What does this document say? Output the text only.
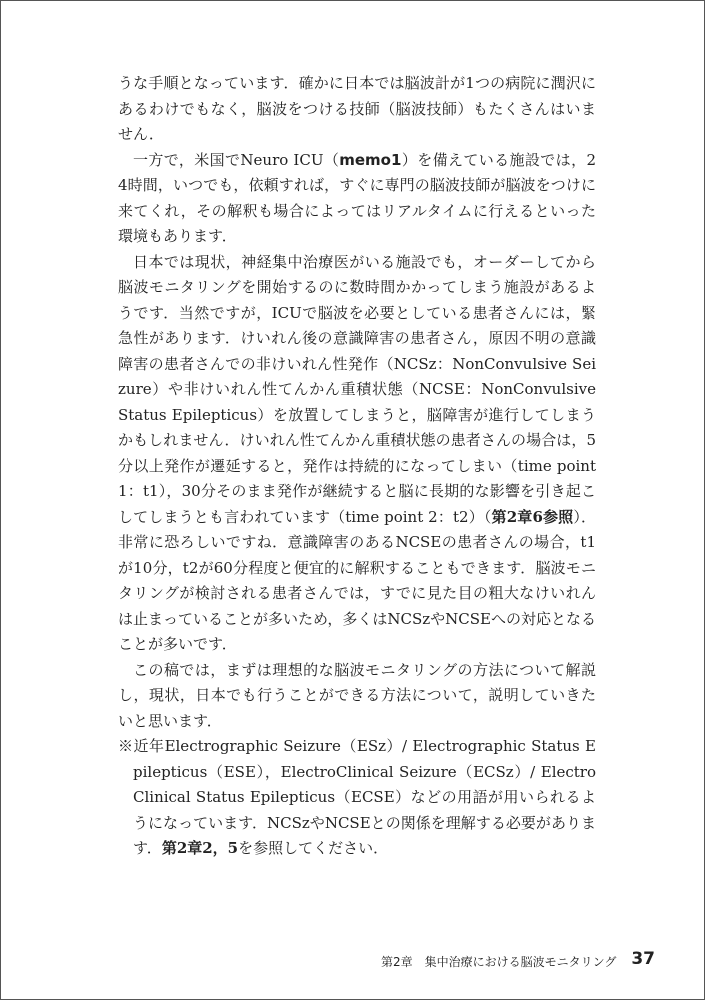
うな手順となっています．確かに日本では脳波計が1つの病院に潤沢にあるわけでもなく，脳波をつける技師（脳波技師）もたくさんはいません．

一方で，米国でNeuro ICU（memo1）を備えている施設では，24時間，いつでも，依頼すれば，すぐに専門の脳波技師が脳波をつけに来てくれ，その解釈も場合によってはリアルタイムに行えるといった環境もあります．

日本では現状，神経集中治療医がいる施設でも，オーダーしてから脳波モニタリングを開始するのに数時間かかってしまう施設があるようです．当然ですが，ICUで脳波を必要としている患者さんには，緊急性があります．けいれん後の意識障害の患者さん，原因不明の意識障害の患者さんでの非けいれん性発作（NCSz：NonConvulsive Seizure）や非けいれん性てんかん重積状態（NCSE：NonConvulsive Status Epilepticus）を放置してしまうと，脳障害が進行してしまうかもしれません．けいれん性てんかん重積状態の患者さんの場合は，5分以上発作が遷延すると，発作は持続的になってしまい（time point 1：t1），30分そのまま発作が継続すると脳に長期的な影響を引き起こしてしまうとも言われています（time point 2：t2）（第2章6参照）．非常に恐ろしいですね．意識障害のあるNCSEの患者さんの場合，t1が10分，t2が60分程度と便宜的に解釈することもできます．脳波モニタリングが検討される患者さんでは，すでに見た目の粗大なけいれんは止まっていることが多いため，多くはNCSzやNCSEへの対応となることが多いです．

この稿では，まずは理想的な脳波モニタリングの方法について解説し，現状，日本でも行うことができる方法について，説明していきたいと思います．

※近年Electrographic Seizure（ESz）/ Electrographic Status Epilepticus（ESE），ElectroClinical Seizure（ECSz）/ ElectroClinical Status Epilepticus（ECSE）などの用語が用いられるようになっています．NCSzやNCSEとの関係を理解する必要があります．第2章2，5を参照してください．

第2章　集中治療における脳波モニタリング 37
